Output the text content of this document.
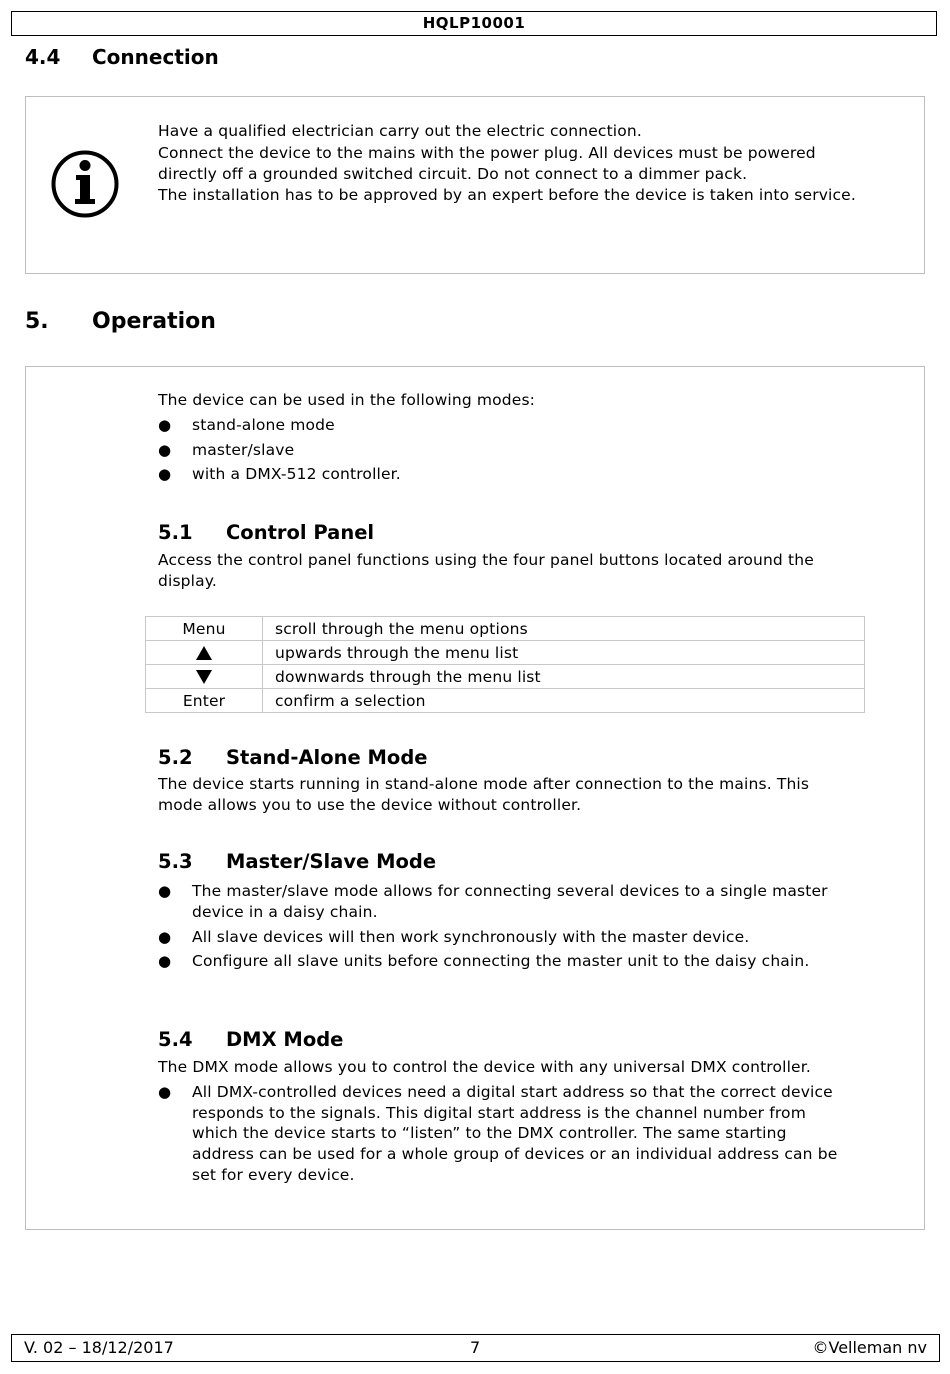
HQLP10001
4.4 Connection

Have a qualified electrician carry out the electric connection.

Connect the device to the mains with the power plug. All devices must be powered directly off a grounded switched circuit. Do not connect to a dimmer pack.

The installation has to be approved by an expert before the device is taken into service.

5. Operation

The device can be used in the following modes:

● stand-alone mode
● master/slave
● with a DMX-512 controller.
5.1 Control Panel
Access the control panel functions using the four panel buttons located around the display.
Menu	scroll through the menu options
	upwards through the menu list
	downwards through the menu list
Enter	confirm a selection
5.2 Stand-Alone Mode
The device starts running in stand-alone mode after connection to the mains. This mode allows you to use the device without controller.
5.3 Master/Slave Mode
● The master/slave mode allows for connecting several devices to a single master device in a daisy chain.
● All slave devices will then work synchronously with the master device.
● Configure all slave units before connecting the master unit to the daisy chain.
5.4 DMX Mode

The DMX mode allows you to control the device with any universal DMX controller.

● All DMX-controlled devices need a digital start address so that the correct device responds to the signals. This digital start address is the channel number from which the device starts to “listen” to the DMX controller. The same starting address can be used for a whole group of devices or an individual address can be set for every device.
V. 02 – 18/12/2017	7	©Velleman nv
